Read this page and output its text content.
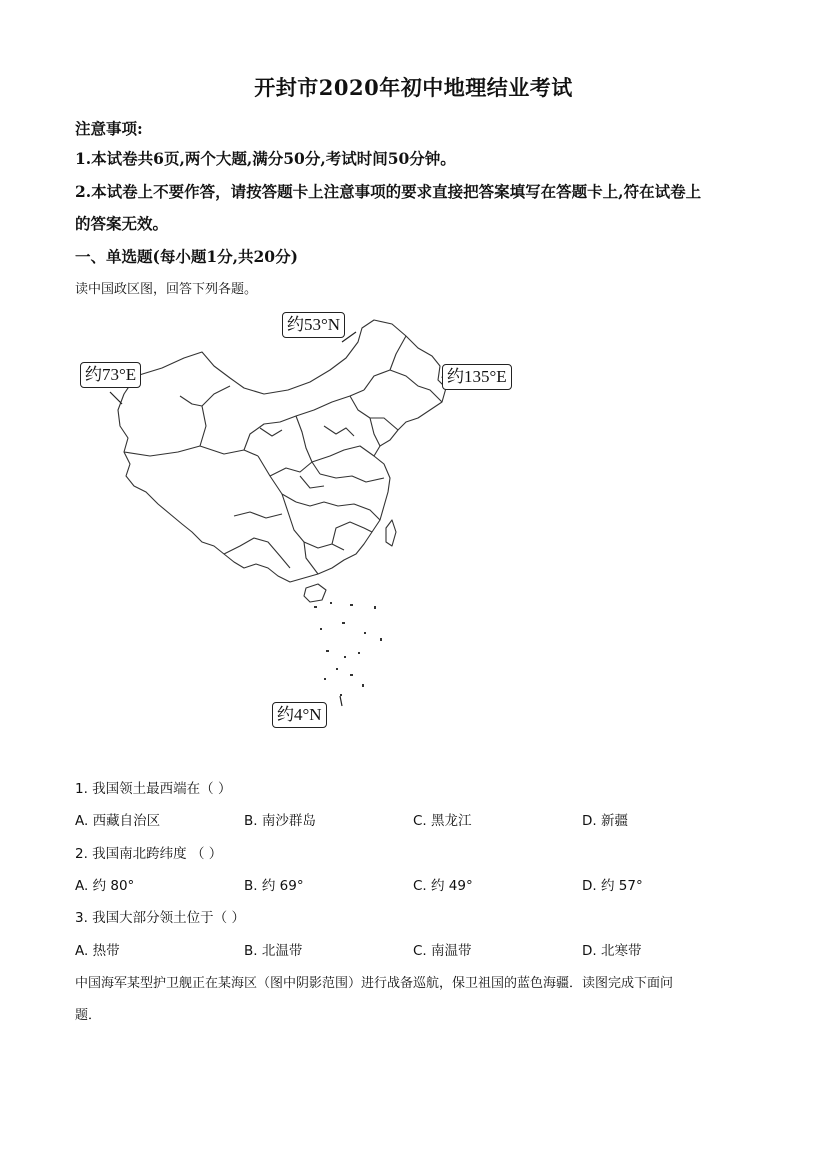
开封市2020年初中地理结业考试
注意事项:
1.本试卷共6页,两个大题,满分50分,考试时间50分钟。
2.本试卷上不要作答，请按答题卡上注意事项的要求直接把答案填写在答题卡上,符在试卷上
的答案无效。
一、单选题(每小题1分,共20分)
读中国政区图，回答下列各题。
约53°N
约73°E	约135°E
约4°N
1. 我国领土最西端在（ ）
A. 西藏自治区	B. 南沙群岛	C. 黑龙江	D. 新疆
2. 我国南北跨纬度 （ ）
A. 约 80°	B. 约 69°	C. 约 49°	D. 约 57°
3. 我国大部分领土位于（ ）
A. 热带	B. 北温带	C. 南温带	D. 北寒带
中国海军某型护卫舰正在某海区（图中阴影范围）进行战备巡航，保卫祖国的蓝色海疆．读图完成下面问
题．
